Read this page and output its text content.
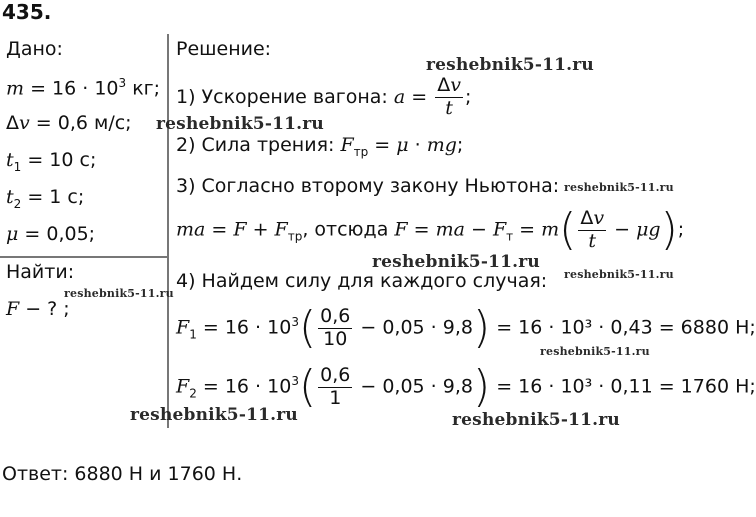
435.
Дано:
$m = 16 \cdot 10^3$ кг;
Δv = 0,6 м/с;
$t_1 = 10$ с;
$t_2 = 1$ с;
μ = 0,05;
Найти:
F − ? ;
Решение:
1) Ускорение вагона: $a = \frac{\Delta v}{t}$ ;
2) Сила трения: $F_{тр} = \mu$ · mg;
3) Согласно второму закону Ньютона:
ma = $F + F_{тр}$, отсюда F = ma − $F_т = m( \frac{\Delta v}{t} - \mu g)$;
4) Найдем силу для каждого случая:
$F_1 = 16 \cdot 10^3( \frac{0,6}{10} - 0,05 \cdot 9,8) = 16 \cdot 10^3 \cdot 0,43 = 6880$ Н;
$F_2 = 16 \cdot 10^3( \frac{0,6}{1} - 0,05 \cdot 9,8) = 16 \cdot 10^3 \cdot 0,11 = 1760$ Н;
Ответ: 6880 Н и 1760 Н.
reshebnik5-11.ru
reshebnik5-11.ru
reshebnik5-11.ru
reshebnik5-11.ru
reshebnik5-11.ru
reshebnik5-11.ru
reshebnik5-11.ru
reshebnik5-11.ru	reshebnik5-11.ru
